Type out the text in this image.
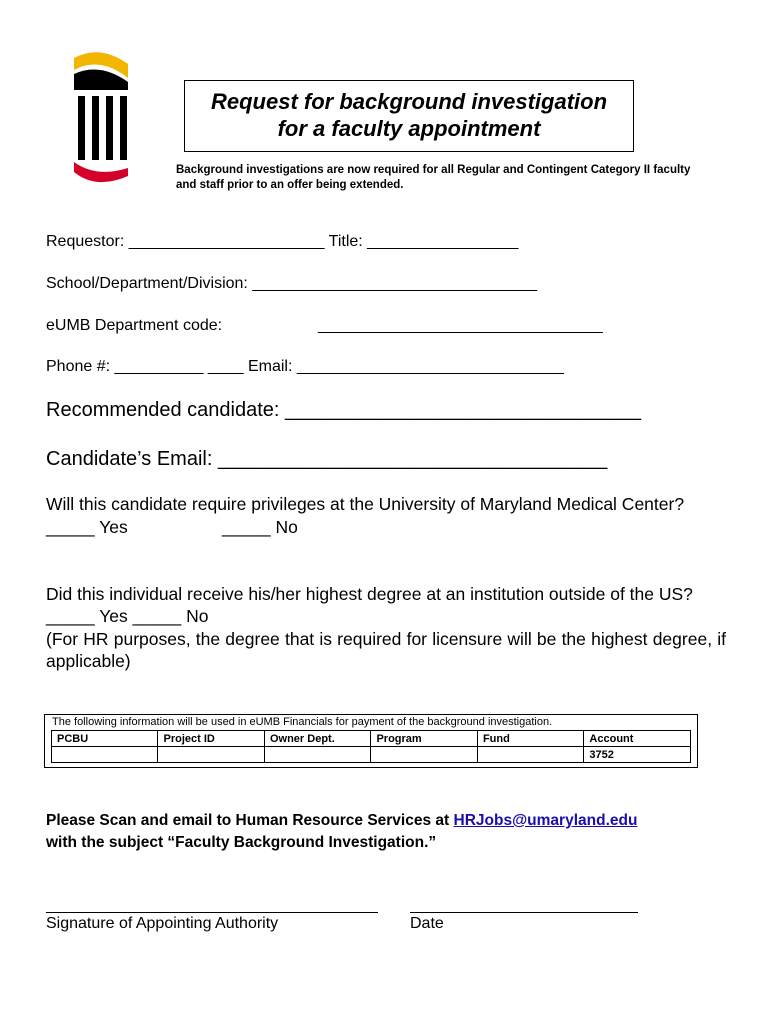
Request for background investigation
for a faculty appointment
Background investigations are now required for all Regular and Contingent Category II faculty
and staff prior to an offer being extended.
Requestor: ______________________ Title: _________________
School/Department/Division: ________________________________
eUMB Department code:	________________________________
Phone #: __________ ____ Email: ______________________________
Recommended candidate: ________________________________
Candidate’s Email: ___________________________________
Will this candidate require privileges at the University of Maryland Medical Center?
_____ Yes	_____ No
Did this individual receive his/her highest degree at an institution outside of the US?
_____ Yes _____ No
(For HR purposes, the degree that is required for licensure will be the highest degree, if applicable)
The following information will be used in eUMB Financials for payment of the background investigation.
PCBU	Project ID	Owner Dept.	Program	Fund	Account
					3752
Please Scan and email to Human Resource Services at HRJobs@umaryland.edu
with the subject “Faculty Background Investigation.”
Signature of Appointing Authority	Date
